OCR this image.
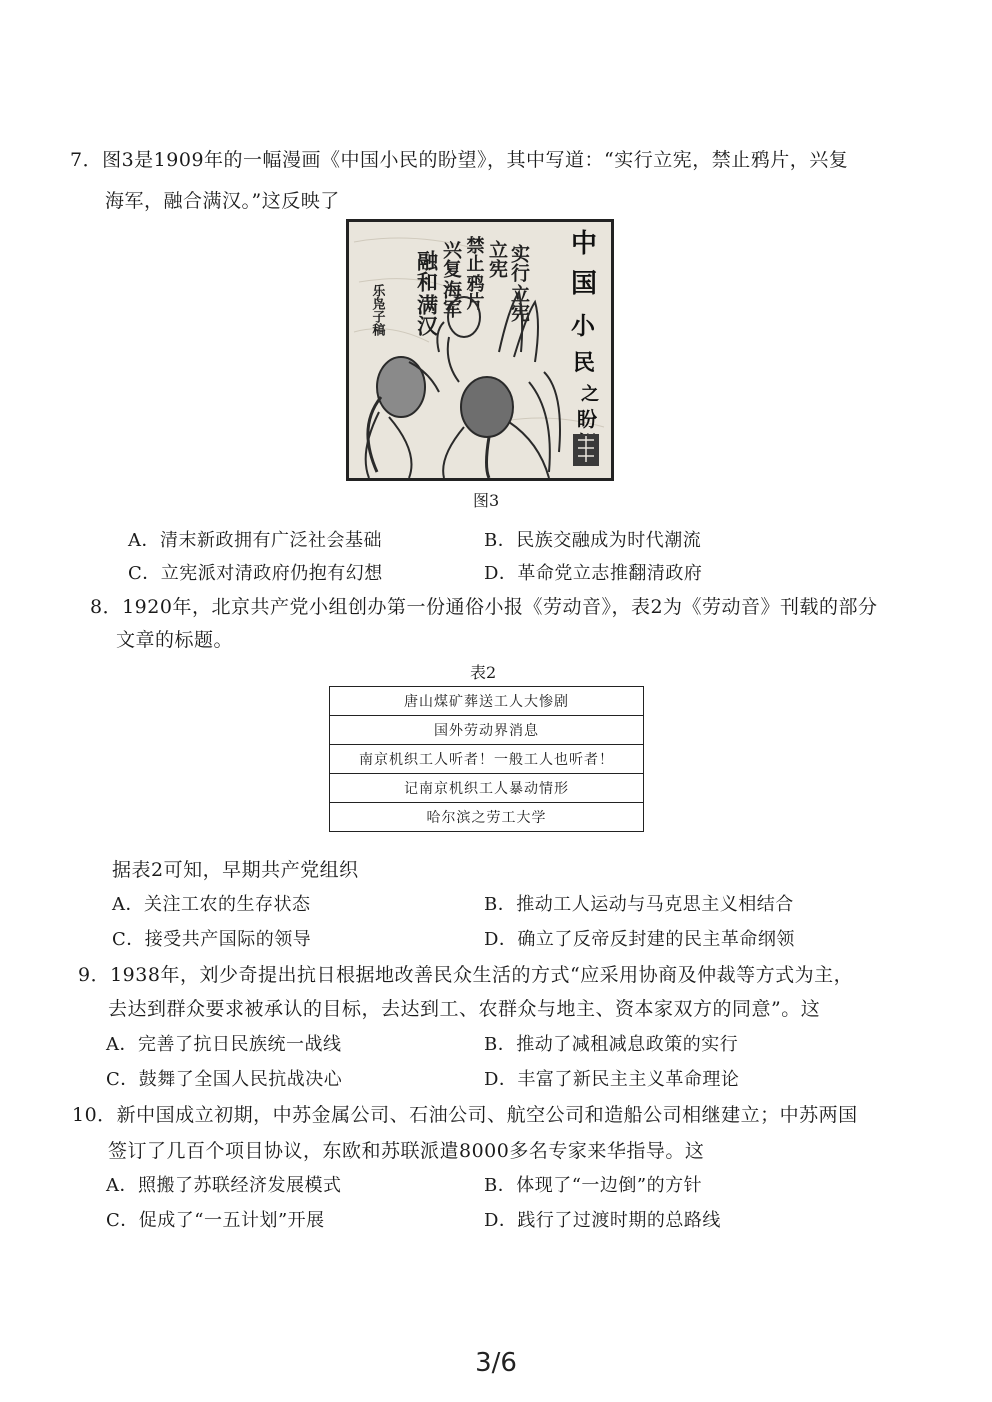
7．图3是1909年的一幅漫画《中国小民的盼望》，其中写道：“实行立宪，禁止鸦片，兴复
海军，融合满汉。”这反映了
实行
立宪
立宪
禁止
鸦片
兴复
海军
融和
满汉
乐凫子稿
中
国
小
民
之
盼
图3
A．清末新政拥有广泛社会基础	B．民族交融成为时代潮流
C．立宪派对清政府仍抱有幻想	D．革命党立志推翻清政府
8．1920年，北京共产党小组创办第一份通俗小报《劳动音》，表2为《劳动音》刊载的部分
文章的标题。
表2
唐山煤矿葬送工人大惨剧
国外劳动界消息
南京机织工人听者！一般工人也听者！
记南京机织工人暴动情形
哈尔滨之劳工大学
据表2可知，早期共产党组织
A．关注工农的生存状态	B．推动工人运动与马克思主义相结合
C．接受共产国际的领导	D．确立了反帝反封建的民主革命纲领
9．1938年，刘少奇提出抗日根据地改善民众生活的方式“应采用协商及仲裁等方式为主，
去达到群众要求被承认的目标，去达到工、农群众与地主、资本家双方的同意”。这
A．完善了抗日民族统一战线	B．推动了减租减息政策的实行
C．鼓舞了全国人民抗战决心	D．丰富了新民主主义革命理论
10．新中国成立初期，中苏金属公司、石油公司、航空公司和造船公司相继建立；中苏两国
签订了几百个项目协议，东欧和苏联派遣8000多名专家来华指导。这
A．照搬了苏联经济发展模式	B．体现了“一边倒”的方针
C．促成了“一五计划”开展	D．践行了过渡时期的总路线
3/6
